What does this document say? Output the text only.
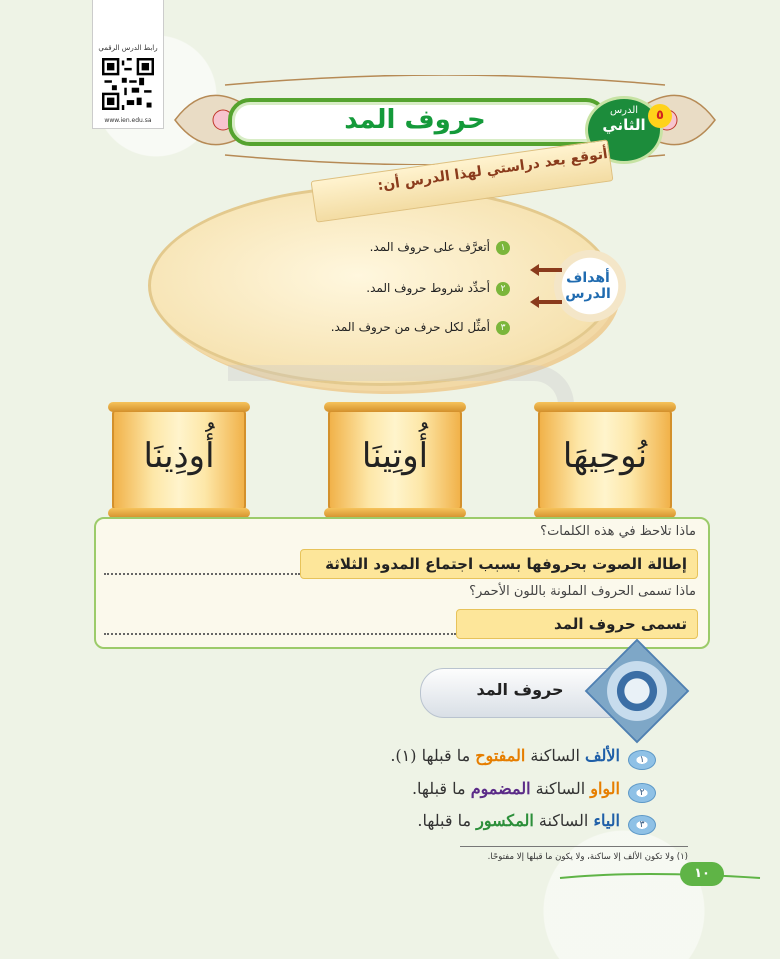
رابط الدرس الرقمي
www.ien.edu.sa	حروف المد	الدرس
الثاني
٥
أتوقع بعد دراستي لهذا الدرس أن:
١أتعرَّف على حروف المد.
٢أحدِّد شروط حروف المد.
٣أمثِّل لكل حرف من حروف المد.
أهداف
الدرس
نُوحِيهَا
أُوتِينَا
أُوذِينَا
ماذا تلاحظ في هذه الكلمات؟
إطالة الصوت بحروفها بسبب اجتماع المدود الثلاثة
ماذا تسمى الحروف الملونة باللون الأحمر؟
تسمى حروف المد
حروف المد
١
الألف الساكنة المفتوح ما قبلها (١).
٢
الواو الساكنة المضموم ما قبلها.
٣
الياء الساكنة المكسور ما قبلها.
(١) ولا تكون الألف إلا ساكنة، ولا يكون ما قبلها إلا مفتوحًا.
١٠
